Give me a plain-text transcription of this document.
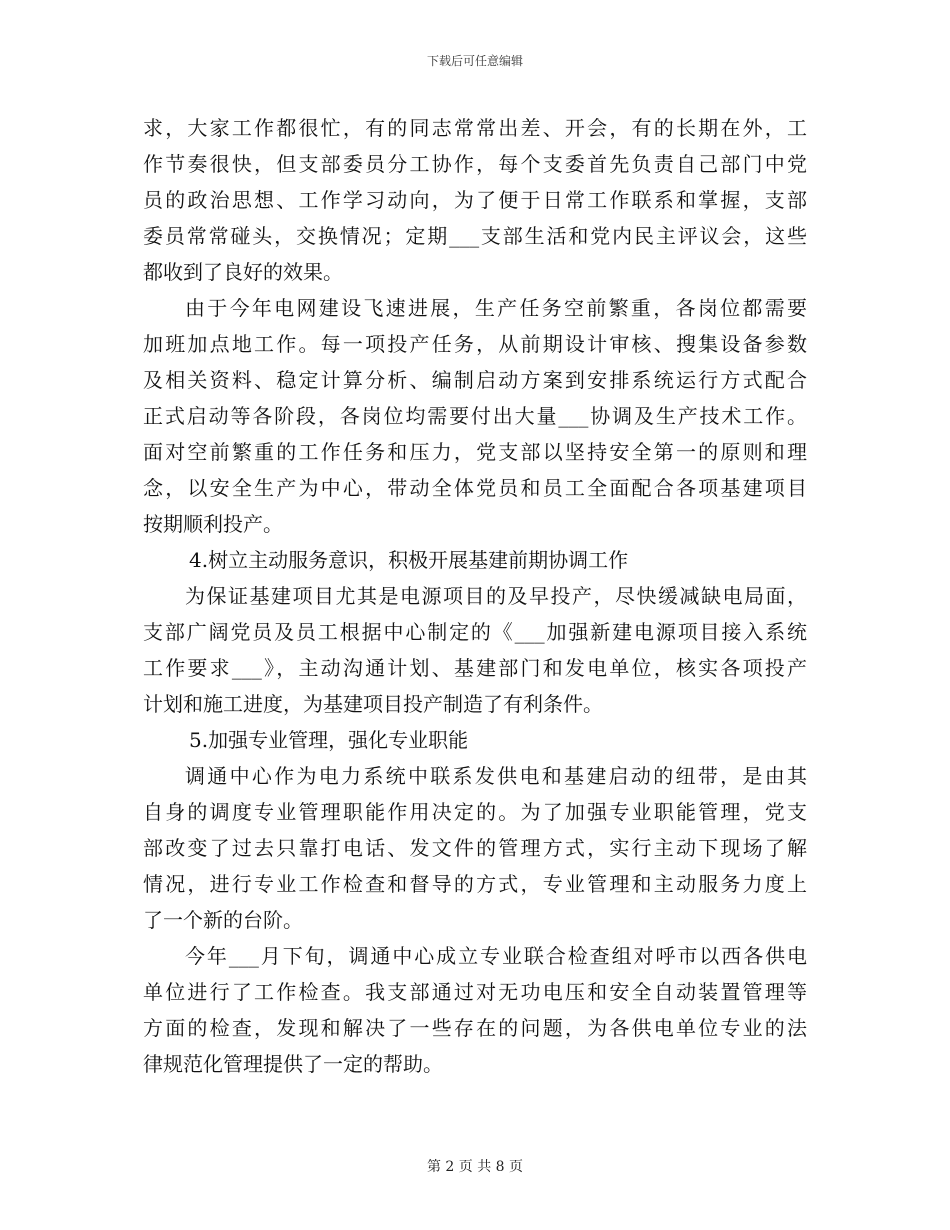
下载后可任意编辑
求，大家工作都很忙，有的同志常常出差、开会，有的长期在外，工
作节奏很快，但支部委员分工协作，每个支委首先负责自己部门中党
员的政治思想、工作学习动向，为了便于日常工作联系和掌握，支部
委员常常碰头，交换情况；定期___支部生活和党内民主评议会，这些
都收到了良好的效果。
由于今年电网建设飞速进展，生产任务空前繁重，各岗位都需要
加班加点地工作。每一项投产任务，从前期设计审核、搜集设备参数
及相关资料、稳定计算分析、编制启动方案到安排系统运行方式配合
正式启动等各阶段，各岗位均需要付出大量___协调及生产技术工作。
面对空前繁重的工作任务和压力，党支部以坚持安全第一的原则和理
念，以安全生产为中心，带动全体党员和员工全面配合各项基建项目
按期顺利投产。
4.树立主动服务意识，积极开展基建前期协调工作
为保证基建项目尤其是电源项目的及早投产，尽快缓减缺电局面，
支部广阔党员及员工根据中心制定的《___加强新建电源项目接入系统
工作要求___》，主动沟通计划、基建部门和发电单位，核实各项投产
计划和施工进度，为基建项目投产制造了有利条件。
5.加强专业管理，强化专业职能
调通中心作为电力系统中联系发供电和基建启动的纽带，是由其
自身的调度专业管理职能作用决定的。为了加强专业职能管理，党支
部改变了过去只靠打电话、发文件的管理方式，实行主动下现场了解
情况，进行专业工作检查和督导的方式，专业管理和主动服务力度上
了一个新的台阶。
今年___月下旬，调通中心成立专业联合检查组对呼市以西各供电
单位进行了工作检查。我支部通过对无功电压和安全自动装置管理等
方面的检查，发现和解决了一些存在的问题，为各供电单位专业的法
律规范化管理提供了一定的帮助。
第 2 页 共 8 页
